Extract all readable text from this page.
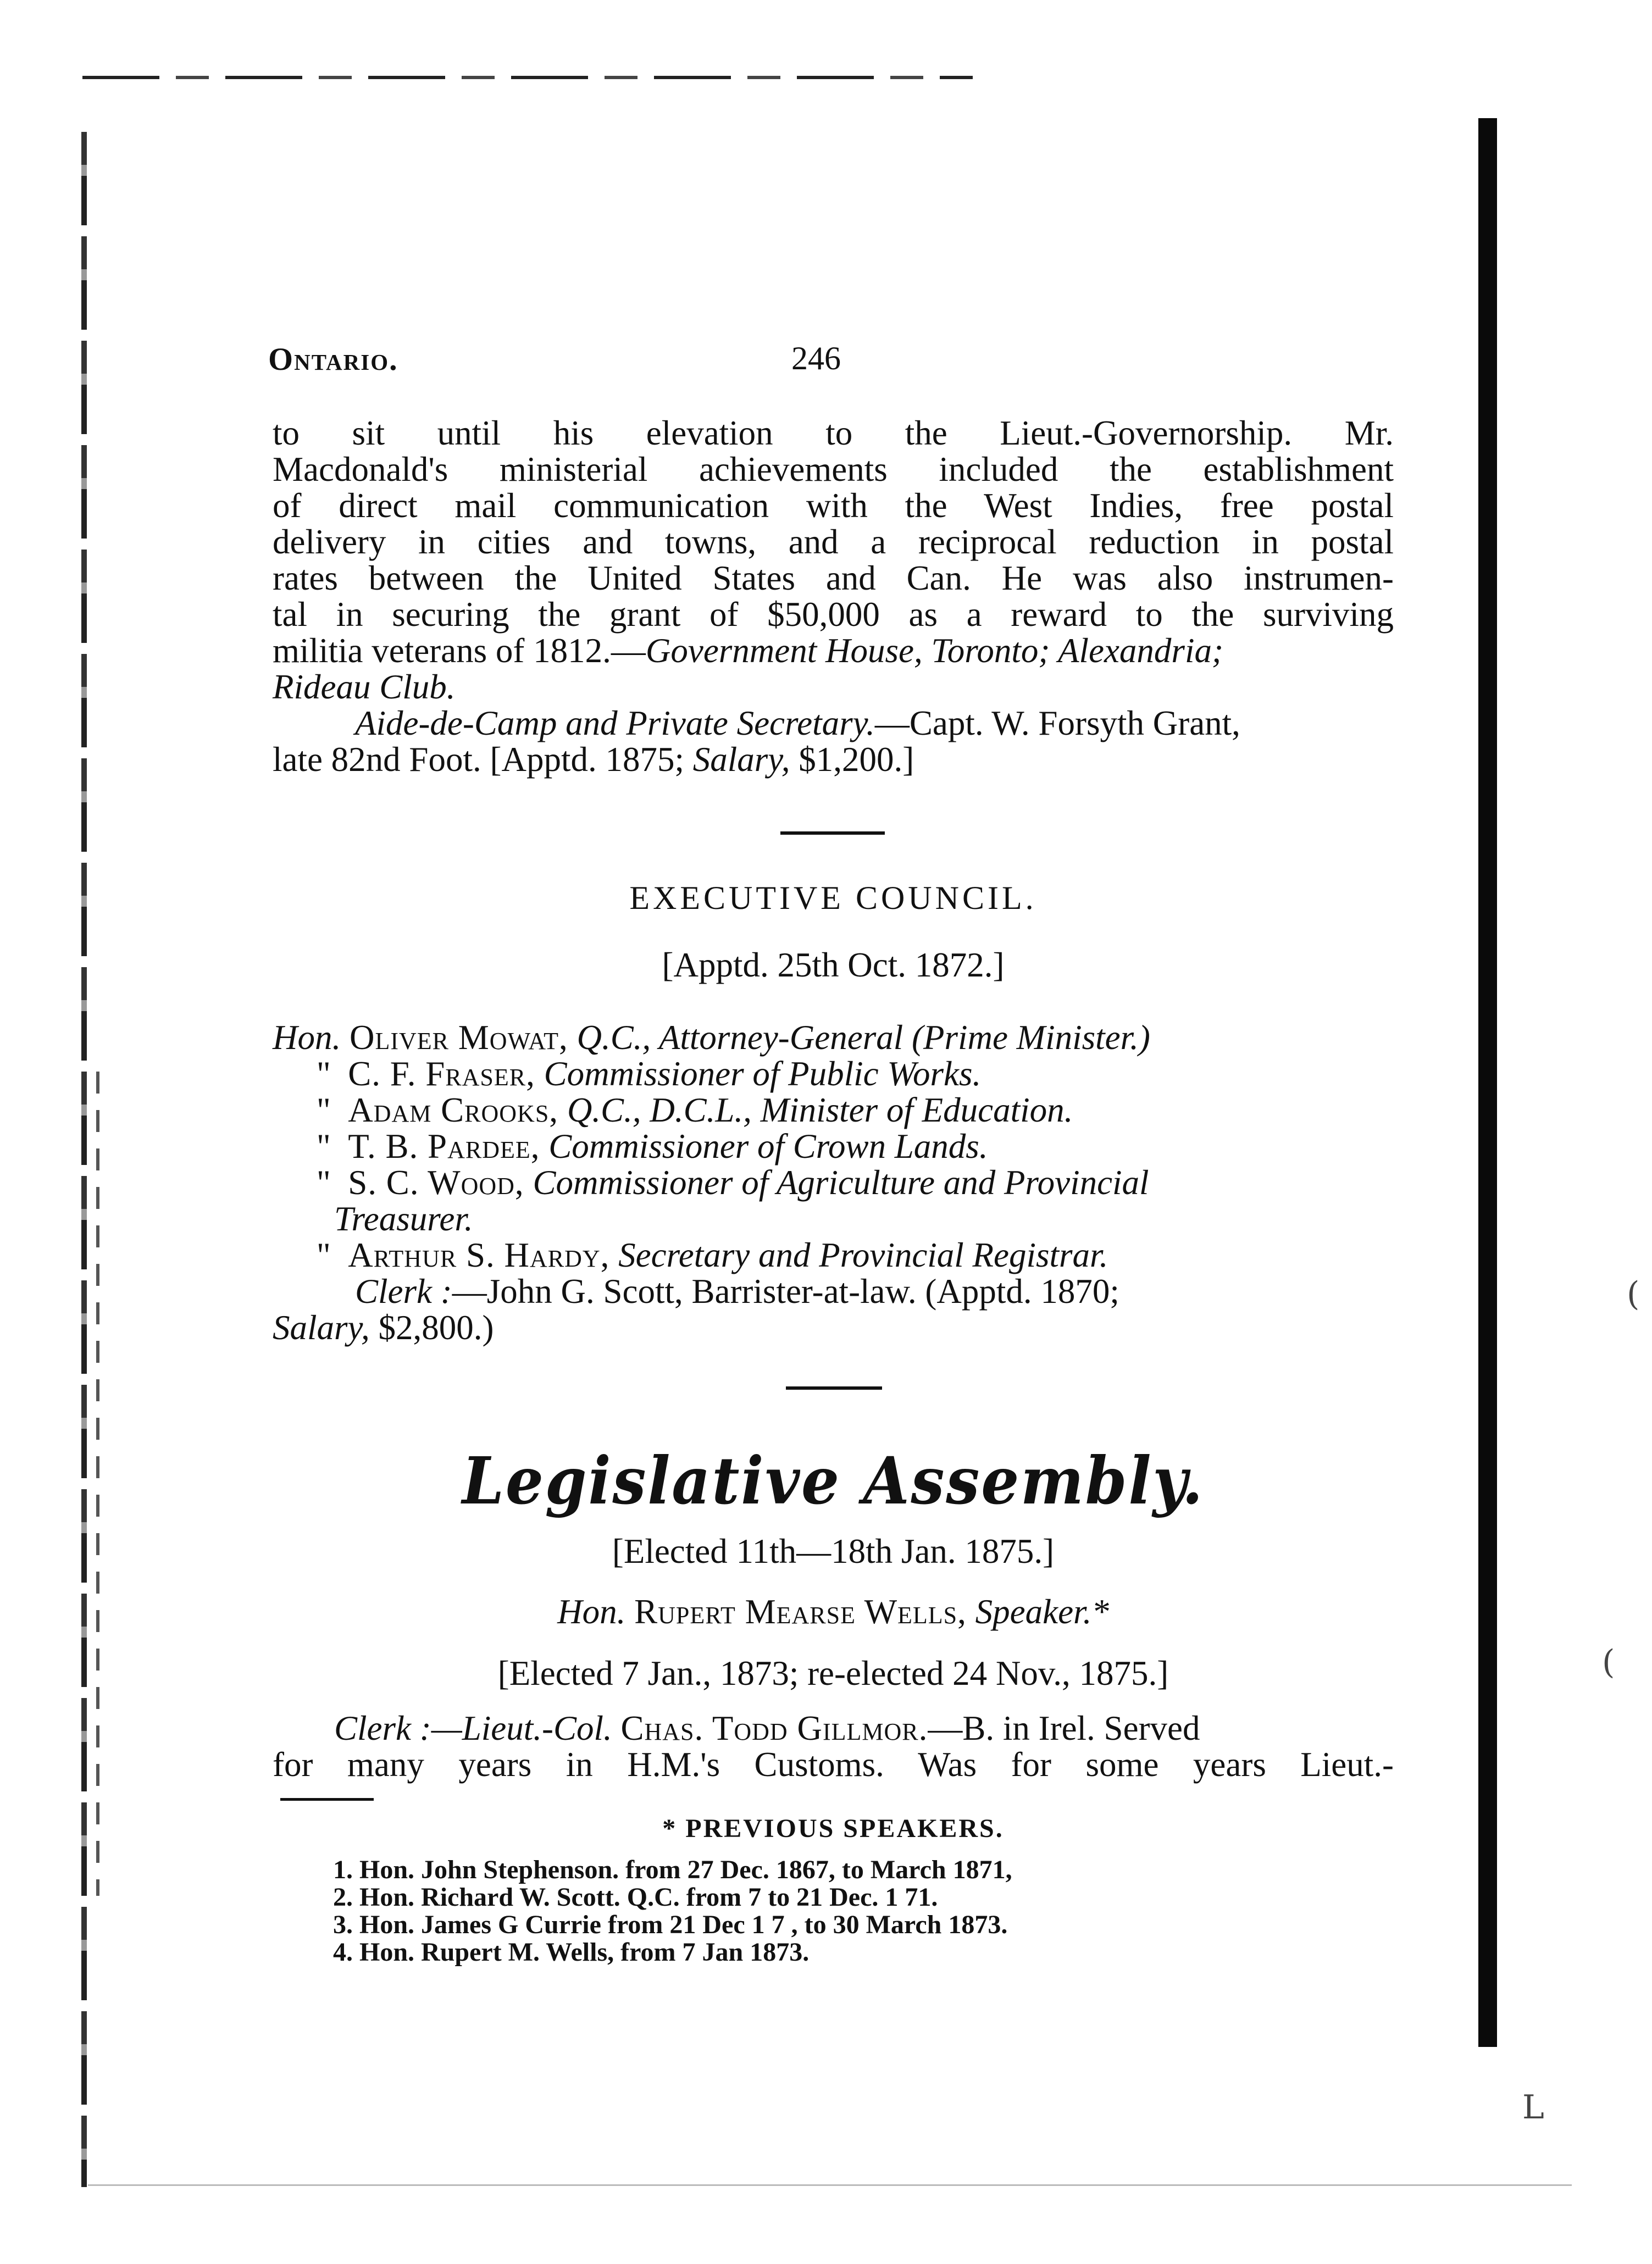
(
(
L
Ontario.	246
to sit until his elevation to the Lieut.-Governorship. Mr.
Macdonald's ministerial achievements included the establishment
of direct mail communication with the West Indies, free postal
delivery in cities and towns, and a reciprocal reduction in postal
rates between the United States and Can. He was also instrumen-
tal in securing the grant of $50,000 as a reward to the surviving
militia veterans of 1812.—Government House, Toronto; Alexandria;
Rideau Club.
Aide-de-Camp and Private Secretary.—Capt. W. Forsyth Grant,
late 82nd Foot. [Apptd. 1875; Salary, $1,200.]
EXECUTIVE COUNCIL.
[Apptd. 25th Oct. 1872.]
Hon. Oliver Mowat, Q.C., Attorney-General (Prime Minister.)
" C. F. Fraser, Commissioner of Public Works.
" Adam Crooks, Q.C., D.C.L., Minister of Education.
" T. B. Pardee, Commissioner of Crown Lands.
" S. C. Wood, Commissioner of Agriculture and Provincial
Treasurer.
" Arthur S. Hardy, Secretary and Provincial Registrar.
Clerk :—John G. Scott, Barrister-at-law. (Apptd. 1870;
Salary, $2,800.)
Legislative Assembly.
[Elected 11th—18th Jan. 1875.]
Hon. Rupert Mearse Wells, Speaker.*
[Elected 7 Jan., 1873; re-elected 24 Nov., 1875.]
Clerk :—Lieut.-Col. Chas. Todd Gillmor.—B. in Irel. Served
for many years in H.M.'s Customs. Was for some years Lieut.-
* PREVIOUS SPEAKERS.
1. Hon. John Stephenson. from 27 Dec. 1867, to March 1871,
2. Hon. Richard W. Scott. Q.C. from 7 to 21 Dec. 1 71.
3. Hon. James G Currie from 21 Dec 1 7 , to 30 March 1873.
4. Hon. Rupert M. Wells, from 7 Jan 1873.
